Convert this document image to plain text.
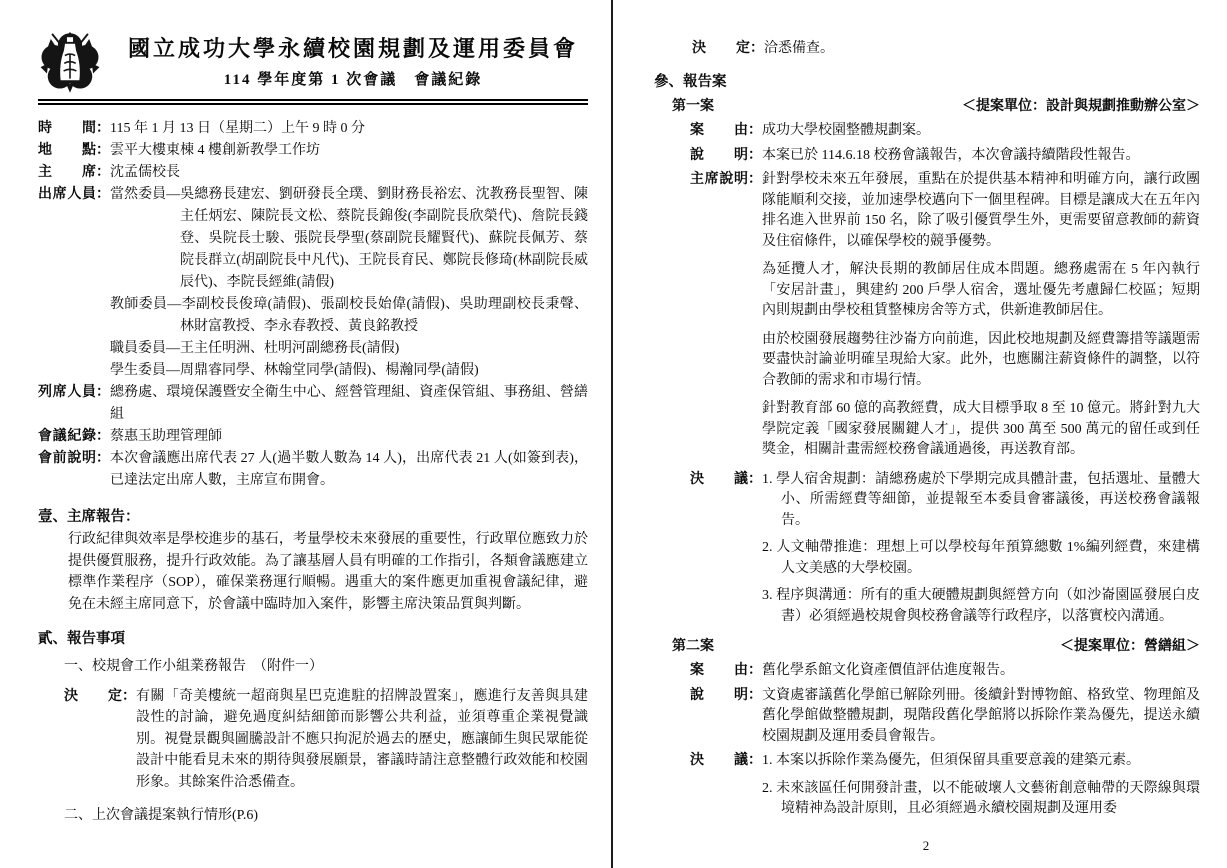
國立成功大學永續校園規劃及運用委員會
114 學年度第 1 次會議　會議紀錄
時間 ： 115 年 1 月 13 日（星期二）上午 9 時 0 分
地點 ： 雲平大樓東棟 4 樓創新教學工作坊
主席 ： 沈孟儒校長
出席人員 ： 當然委員—吳總務長建宏、劉研發長全璞、劉財務長裕宏、沈教務長聖智、陳主任炳宏、陳院長文松、蔡院長錦俊(李副院長欣榮代)、詹院長錢登、吳院長士駿、張院長學聖(蔡副院長耀賢代)、蘇院長佩芳、蔡院長群立(胡副院長中凡代)、王院長育民、鄭院長修琦(林副院長威辰代)、李院長經維(請假)
教師委員—李副校長俊璋(請假)、張副校長始偉(請假)、吳助理副校長秉聲、林財富教授、李永春教授、黃良銘教授
職員委員—王主任明洲、杜明河副總務長(請假)
學生委員—周鼎睿同學、林翰堂同學(請假)、楊瀚同學(請假)
列席人員 ： 總務處、環境保護暨安全衛生中心、經營管理組、資產保管組、事務組、營繕組
會議紀錄 ： 蔡惠玉助理管理師
會前說明 ： 本次會議應出席代表 27 人(過半數人數為 14 人)，出席代表 21 人(如簽到表)，已達法定出席人數，主席宣布開會。
壹、主席報告：
行政紀律與效率是學校進步的基石，考量學校未來發展的重要性，行政單位應致力於提供優質服務，提升行政效能。為了讓基層人員有明確的工作指引，各類會議應建立標準作業程序（SOP），確保業務運行順暢。遇重大的案件應更加重視會議紀律，避免在未經主席同意下，於會議中臨時加入案件，影響主席決策品質與判斷。
貳、報告事項
一、校規會工作小組業務報告　（附件一）
決定 ： 有關「奇美樓統一超商與星巴克進駐的招牌設置案」，應進行友善與具建設性的討論，避免過度糾結細節而影響公共利益，並須尊重企業視覺識別。視覺景觀與圖騰設計不應只拘泥於過去的歷史，應讓師生與民眾能從設計中能看見未來的期待與發展願景，審議時請注意整體行政效能和校園形象。其餘案件洽悉備查。
二、上次會議提案執行情形(P.6)
決定 ： 洽悉備查。
參、報告案
第一案	＜提案單位：設計與規劃推動辦公室＞
案由 ： 成功大學校園整體規劃案。
說明 ： 本案已於 114.6.18 校務會議報告，本次會議持續階段性報告。
主席說明 ： 針對學校未來五年發展，重點在於提供基本精神和明確方向，讓行政團隊能順利交接，並加速學校邁向下一個里程碑。目標是讓成大在五年內排名進入世界前 150 名，除了吸引優質學生外，更需要留意教師的薪資及住宿條件，以確保學校的競爭優勢。
為延攬人才，解決長期的教師居住成本問題。總務處需在 5 年內執行「安居計畫」，興建約 200 戶學人宿舍，選址優先考慮歸仁校區；短期內則規劃由學校租賃整棟房舍等方式，供新進教師居住。
由於校園發展趨勢往沙崙方向前進，因此校地規劃及經費籌措等議題需要盡快討論並明確呈現給大家。此外，也應關注薪資條件的調整，以符合教師的需求和市場行情。
針對教育部 60 億的高教經費，成大目標爭取 8 至 10 億元。將針對九大學院定義「國家發展關鍵人才」，提供 300 萬至 500 萬元的留任或到任獎金，相關計畫需經校務會議通過後，再送教育部。
決議 ： 1. 學人宿舍規劃：請總務處於下學期完成具體計畫，包括選址、量體大小、所需經費等細節，並提報至本委員會審議後，再送校務會議報告。
2. 人文軸帶推進：理想上可以學校每年預算總數 1%編列經費，來建構人文美感的大學校園。
3. 程序與溝通：所有的重大硬體規劃與經營方向（如沙崙園區發展白皮書）必須經過校規會與校務會議等行政程序，以落實校內溝通。
第二案	＜提案單位：營繕組＞
案由 ： 舊化學系館文化資產價值評估進度報告。
說明 ： 文資處審議舊化學館已解除列冊。後續針對博物館、格致堂、物理館及舊化學館做整體規劃，現階段舊化學館將以拆除作業為優先，提送永續校園規劃及運用委員會報告。
決議 ： 1. 本案以拆除作業為優先，但須保留具重要意義的建築元素。
2. 未來該區任何開發計畫，以不能破壞人文藝術創意軸帶的天際線與環境精神為設計原則，且必須經過永續校園規劃及運用委
2
